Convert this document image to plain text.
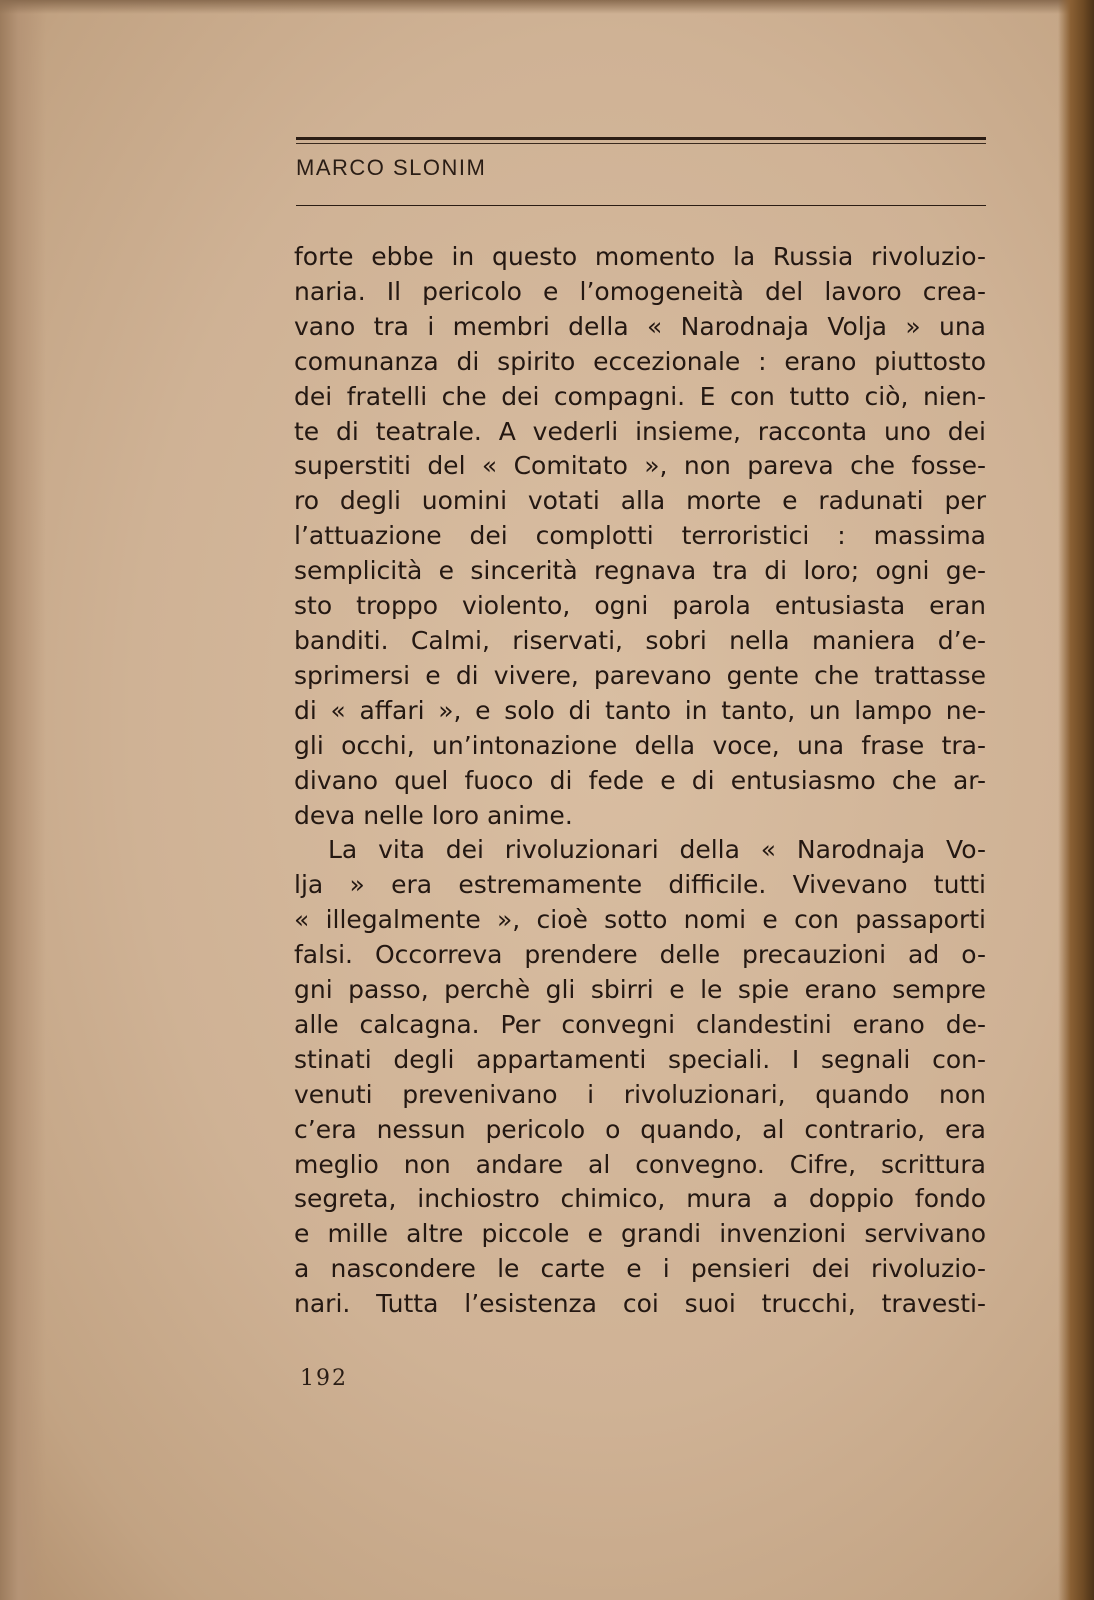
MARCO SLONIM
forte ebbe in questo momento la Russia rivoluzio-
naria. Il pericolo e l’omogeneità del lavoro crea-
vano tra i membri della « Narodnaja Volja » una
comunanza di spirito eccezionale : erano piuttosto
dei fratelli che dei compagni. E con tutto ciò, nien-
te di teatrale. A vederli insieme, racconta uno dei
superstiti del « Comitato », non pareva che fosse-
ro degli uomini votati alla morte e radunati per
l’attuazione dei complotti terroristici : massima
semplicità e sincerità regnava tra di loro; ogni ge-
sto troppo violento, ogni parola entusiasta eran
banditi. Calmi, riservati, sobri nella maniera d’e-
sprimersi e di vivere, parevano gente che trattasse
di « affari », e solo di tanto in tanto, un lampo ne-
gli occhi, un’intonazione della voce, una frase tra-
divano quel fuoco di fede e di entusiasmo che ar-
deva nelle loro anime.
La vita dei rivoluzionari della « Narodnaja Vo-
lja » era estremamente difficile. Vivevano tutti
« illegalmente », cioè sotto nomi e con passaporti
falsi. Occorreva prendere delle precauzioni ad o-
gni passo, perchè gli sbirri e le spie erano sempre
alle calcagna. Per convegni clandestini erano de-
stinati degli appartamenti speciali. I segnali con-
venuti prevenivano i rivoluzionari, quando non
c’era nessun pericolo o quando, al contrario, era
meglio non andare al convegno. Cifre, scrittura
segreta, inchiostro chimico, mura a doppio fondo
e mille altre piccole e grandi invenzioni servivano
a nascondere le carte e i pensieri dei rivoluzio-
nari. Tutta l’esistenza coi suoi trucchi, travesti-
192
